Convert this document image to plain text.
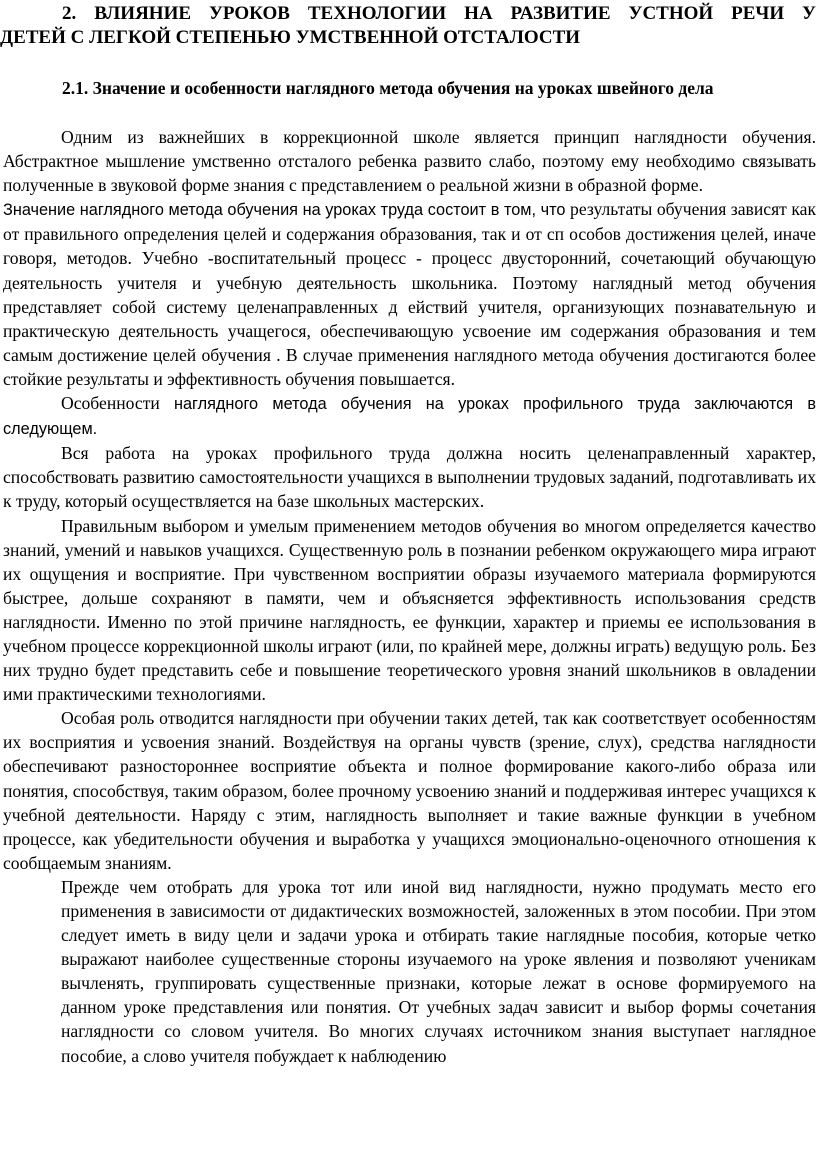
2. ВЛИЯНИЕ УРОКОВ ТЕХНОЛОГИИ НА РАЗВИТИЕ УСТНОЙ РЕЧИ У
ДЕТЕЙ С ЛЕГКОЙ СТЕПЕНЬЮ УМСТВЕННОЙ ОТСТАЛОСТИ
2.1. Значение и особенности наглядного метода обучения на уроках швейного дела

Одним из важнейших в коррекционной школе является принцип наглядности обучения. Абстрактное мышление умственно отсталого ребенка развито слабо, поэтому ему необходимо связывать полученные в звуковой форме знания с представлением о реальной жизни в образной форме.

Значение наглядного метода обучения на уроках труда состоит в том, что результаты обучения зависят как от правильного определения целей и содержания образования, так и от сп особов достижения целей, иначе говоря, методов. Учебно -воспитательный процесс - процесс двусторонний, сочетающий обучающую деятельность учителя и учебную деятельность школьника. Поэтому наглядный метод обучения представляет собой систему целенаправленных д ействий учителя, организующих познавательную и практическую деятельность учащегося, обеспечивающую усвоение им содержания образования и тем самым достижение целей обучения . В случае применения наглядного метода обучения достигаются более стойкие результаты и эффективность обучения повышается.

Особенности наглядного метода обучения на уроках профильного труда заключаются в следующем.

Вся работа на уроках профильного труда должна носить целенаправленный характер, способствовать развитию самостоятельности учащихся в выполнении трудовых заданий, подготавливать их к труду, который осуществляется на базе школьных мастерских.

Правильным выбором и умелым применением методов обучения во многом определяется качество знаний, умений и навыков учащихся. Существенную роль в познании ребенком окружающего мира играют их ощущения и восприятие. При чувственном восприятии образы изучаемого материала формируются быстрее, дольше сохраняют в памяти, чем и объясняется эффективность использования средств наглядности. Именно по этой причине наглядность, ее функции, характер и приемы ее использования в учебном процессе коррекционной школы играют (или, по крайней мере, должны играть) ведущую роль. Без них трудно будет представить себе и повышение теоретического уровня знаний школьников в овладении ими практическими технологиями.

Особая роль отводится наглядности при обучении таких детей, так как соответствует особенностям их восприятия и усвоения знаний. Воздействуя на органы чувств (зрение, слух), средства наглядности обеспечивают разностороннее восприятие объекта и полное формирование какого-либо образа или понятия, способствуя, таким образом, более прочному усвоению знаний и поддерживая интерес учащихся к учебной деятельности. Наряду с этим, наглядность выполняет и такие важные функции в учебном процессе, как убедительности обучения и выработка у учащихся эмоционально-оценочного отношения к сообщаемым знаниям.

Прежде чем отобрать для урока тот или иной вид наглядности, нужно продумать место его применения в зависимости от дидактических возможностей, заложенных в этом пособии. При этом следует иметь в виду цели и задачи урока и отбирать такие наглядные пособия, которые четко выражают наиболее существенные стороны изучаемого на уроке явления и позволяют ученикам вычленять, группировать существенные признаки, которые лежат в основе формируемого на данном уроке представления или понятия. От учебных задач зависит и выбор формы сочетания наглядности со словом учителя. Во многих случаях источником знания выступает наглядное пособие, а слово учителя побуждает к наблюдению
